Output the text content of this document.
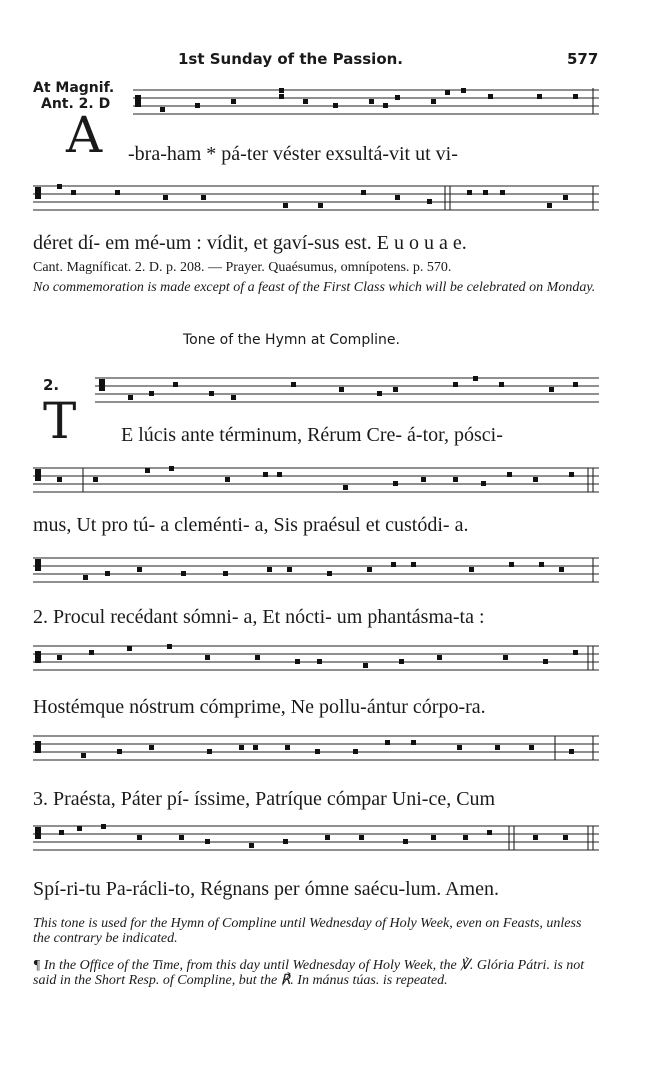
1st Sunday of the Passion.	577
At Magnif.
Ant. 2. D
A	-bra-ham * pá-ter véster exsultá-vit ut vi-
déret dí- em mé-um : vídit, et gaví-sus est. E u o u a e.
Cant. Magníficat. 2. D. p. 208. — Prayer. Quaésumus, omnípotens. p. 570.
No commemoration is made except of a feast of the First Class which will be celebrated on Monday.
Tone of the Hymn at Compline.
2.
T	E lúcis ante términum, Rérum Cre- á-tor, pósci-
mus, Ut pro tú- a cleménti- a, Sis praésul et custódi- a.
2. Procul recédant sómni- a, Et nócti- um phantásma-ta :
Hostémque nóstrum cómprime, Ne pollu-ántur córpo-ra.
3. Praésta, Páter pí- íssime, Patríque cómpar Uni-ce, Cum
Spí-ri-tu Pa-rácli-to, Régnans per ómne saécu-lum. Amen.
This tone is used for the Hymn of Compline until Wednesday of Holy Week, even on Feasts, unless the contrary be indicated.
¶ In the Office of the Time, from this day until Wednesday of Holy Week, the ℣. Glória Pátri. is not said in the Short Resp. of Compline, but the ℟. In mánus túas. is repeated.
